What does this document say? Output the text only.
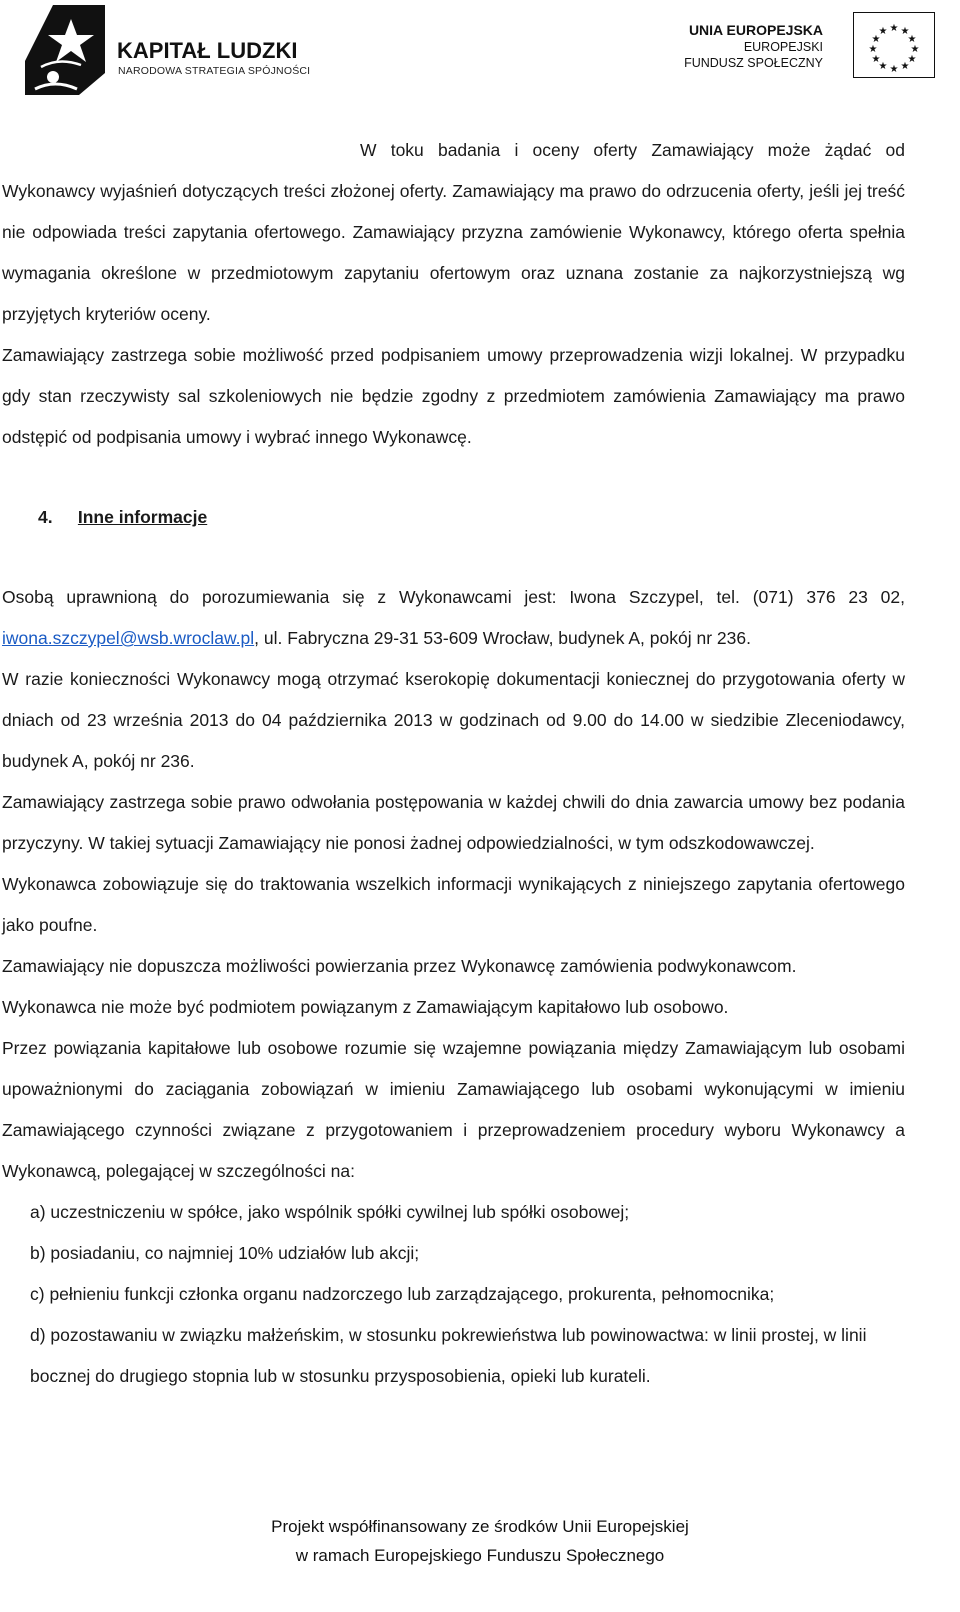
KAPITAŁ LUDZKI
NARODOWA STRATEGIA SPÓJNOŚCI
UNIA EUROPEJSKA
EUROPEJSKI
FUNDUSZ SPOŁECZNY
★ ★
★
★
★
★
★
★
★
★
★
★

W toku badania i oceny oferty Zamawiający może żądać od Wykonawcy wyjaśnień dotyczących treści złożonej oferty. Zamawiający ma prawo do odrzucenia oferty, jeśli jej treść nie odpowiada treści zapytania ofertowego. Zamawiający przyzna zamówienie Wykonawcy, którego oferta spełnia wymagania określone w przedmiotowym zapytaniu ofertowym oraz uznana zostanie za najkorzystniejszą wg przyjętych kryteriów oceny.

Zamawiający zastrzega sobie możliwość przed podpisaniem umowy przeprowadzenia wizji lokalnej. W przypadku gdy stan rzeczywisty sal szkoleniowych nie będzie zgodny z przedmiotem zamówienia Zamawiający ma prawo odstępić od podpisania umowy i wybrać innego Wykonawcę.

4. Inne informacje

Osobą uprawnioną do porozumiewania się z Wykonawcami jest: Iwona Szczypel, tel. (071) 376 23 02, iwona.szczypel@wsb.wroclaw.pl, ul. Fabryczna 29-31 53-609 Wrocław, budynek A, pokój nr 236.

W razie konieczności Wykonawcy mogą otrzymać kserokopię dokumentacji koniecznej do przygotowania oferty w dniach od 23 września 2013 do 04 października 2013 w godzinach od 9.00 do 14.00 w siedzibie Zleceniodawcy, budynek A, pokój nr 236.

Zamawiający zastrzega sobie prawo odwołania postępowania w każdej chwili do dnia zawarcia umowy bez podania przyczyny. W takiej sytuacji Zamawiający nie ponosi żadnej odpowiedzialności, w tym odszkodowawczej.

Wykonawca zobowiązuje się do traktowania wszelkich informacji wynikających z niniejszego zapytania ofertowego jako poufne.

Zamawiający nie dopuszcza możliwości powierzania przez Wykonawcę zamówienia podwykonawcom.

Wykonawca nie może być podmiotem powiązanym z Zamawiającym kapitałowo lub osobowo.

Przez powiązania kapitałowe lub osobowe rozumie się wzajemne powiązania między Zamawiającym lub osobami upoważnionymi do zaciągania zobowiązań w imieniu Zamawiającego lub osobami wykonującymi w imieniu Zamawiającego czynności związane z przygotowaniem i przeprowadzeniem procedury wyboru Wykonawcy a Wykonawcą, polegającej w szczególności na:

a) uczestniczeniu w spółce, jako wspólnik spółki cywilnej lub spółki osobowej;

b) posiadaniu, co najmniej 10% udziałów lub akcji;

c) pełnieniu funkcji członka organu nadzorczego lub zarządzającego, prokurenta, pełnomocnika;

d) pozostawaniu w związku małżeńskim, w stosunku pokrewieństwa lub powinowactwa: w linii prostej, w linii bocznej do drugiego stopnia lub w stosunku przysposobienia, opieki lub kurateli.

Projekt współfinansowany ze środków Unii Europejskiej
w ramach Europejskiego Funduszu Społecznego
